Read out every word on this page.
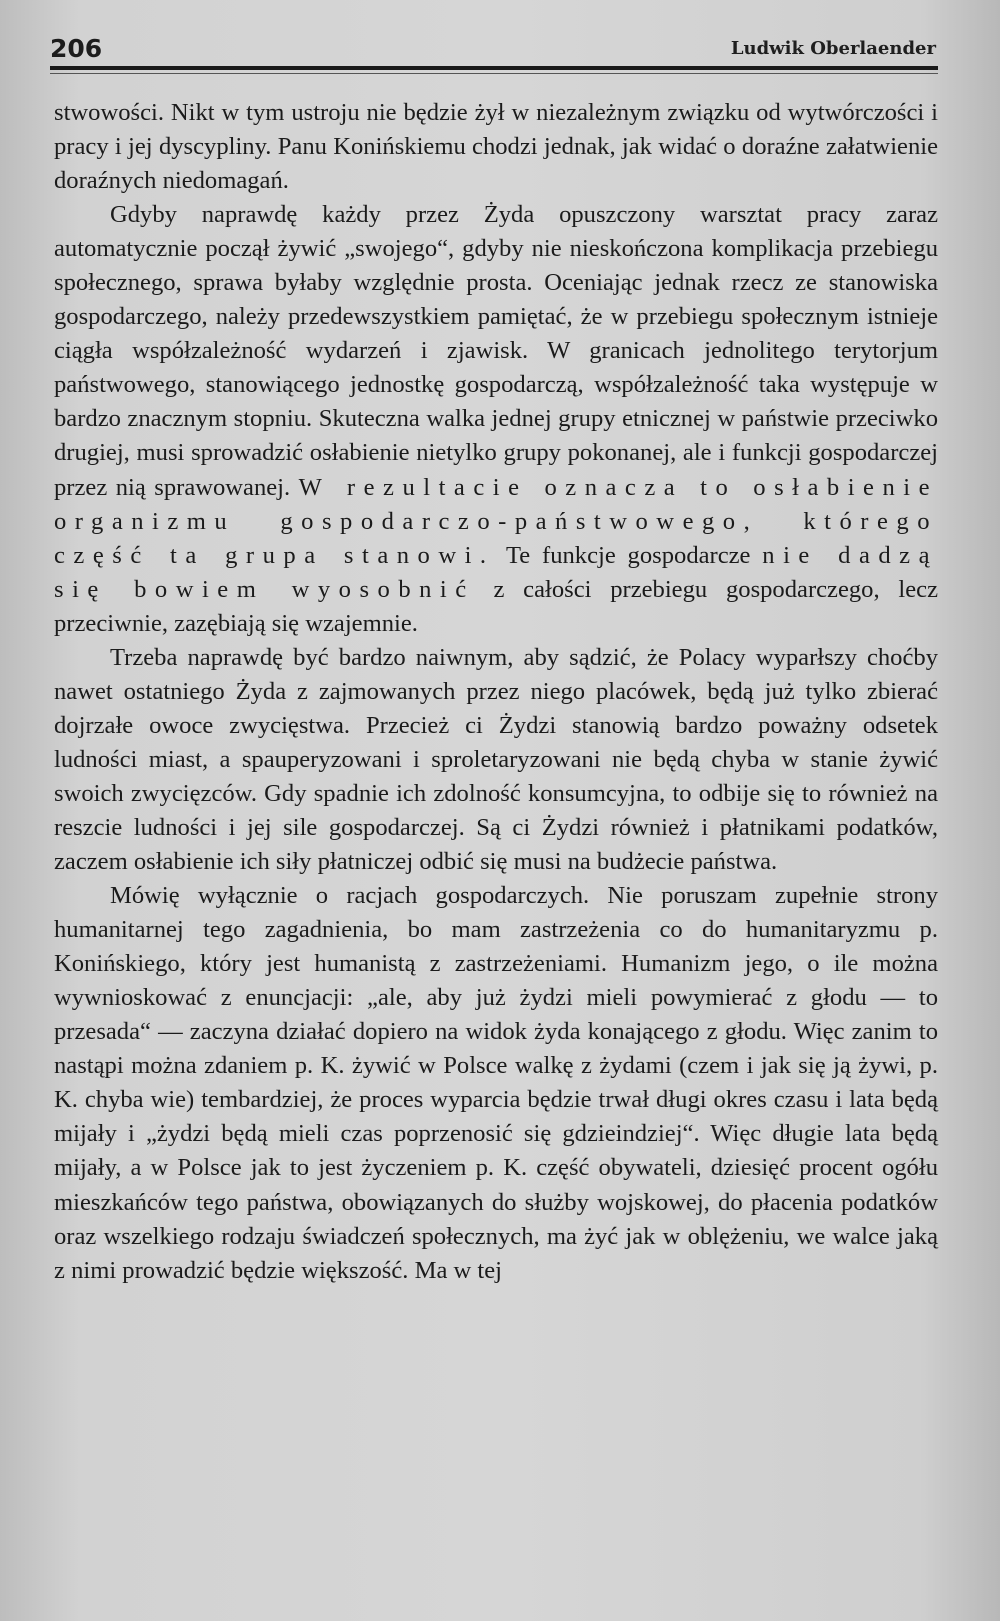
206	Ludwik Oberlaender

stwowości. Nikt w tym ustroju nie będzie żył w niezależnym związku od wytwórczości i pracy i jej dyscypliny. Panu Konińskiemu chodzi jednak, jak widać o doraźne załatwienie doraźnych niedomagań.

Gdyby naprawdę każdy przez Żyda opuszczony warsztat pracy zaraz automatycznie począł żywić „swojego“, gdyby nie nieskończona komplikacja przebiegu społecznego, sprawa byłaby względnie prosta. Oceniając jednak rzecz ze stanowiska gospodarczego, należy przedewszystkiem pamiętać, że w przebiegu społecznym istnieje ciągła współzależność wydarzeń i zjawisk. W granicach jednolitego terytorjum państwowego, stanowiącego jednostkę gospodarczą, współzależność taka występuje w bardzo znacznym stopniu. Skuteczna walka jednej grupy etnicznej w państwie przeciwko drugiej, musi sprowadzić osłabienie nietylko grupy pokonanej, ale i funkcji gospodarczej przez nią sprawowanej. W rezultacie oznacza to osłabienie organizmu gospodarczo-państwowego, którego część ta grupa stanowi. Te funkcje gospodarcze nie dadzą się bowiem wyosobnić z całości przebiegu gospodarczego, lecz przeciwnie, zazębiają się wzajemnie.

Trzeba naprawdę być bardzo naiwnym, aby sądzić, że Polacy wyparłszy choćby nawet ostatniego Żyda z zajmowanych przez niego placówek, będą już tylko zbierać dojrzałe owoce zwycięstwa. Przecież ci Żydzi stanowią bardzo poważny odsetek ludności miast, a spauperyzowani i sproletaryzowani nie będą chyba w stanie żywić swoich zwycięzców. Gdy spadnie ich zdolność konsumcyjna, to odbije się to również na reszcie ludności i jej sile gospodarczej. Są ci Żydzi również i płatnikami podatków, zaczem osłabienie ich siły płatniczej odbić się musi na budżecie państwa.

Mówię wyłącznie o racjach gospodarczych. Nie poruszam zupełnie strony humanitarnej tego zagadnienia, bo mam zastrzeżenia co do humanitaryzmu p. Konińskiego, który jest humanistą z zastrzeżeniami. Humanizm jego, o ile można wywnioskować z enuncjacji: „ale, aby już żydzi mieli powymierać z głodu — to przesada“ — zaczyna działać dopiero na widok żyda konającego z głodu. Więc zanim to nastąpi można zdaniem p. K. żywić w Polsce walkę z żydami (czem i jak się ją żywi, p. K. chyba wie) tembardziej, że proces wyparcia będzie trwał długi okres czasu i lata będą mijały i „żydzi będą mieli czas poprzenosić się gdzieindziej“. Więc długie lata będą mijały, a w Polsce jak to jest życzeniem p. K. część obywateli, dziesięć procent ogółu mieszkańców tego państwa, obowiązanych do służby wojskowej, do płacenia podatków oraz wszelkiego rodzaju świadczeń społecznych, ma żyć jak w oblężeniu, we walce jaką z nimi prowadzić będzie większość. Ma w tej
